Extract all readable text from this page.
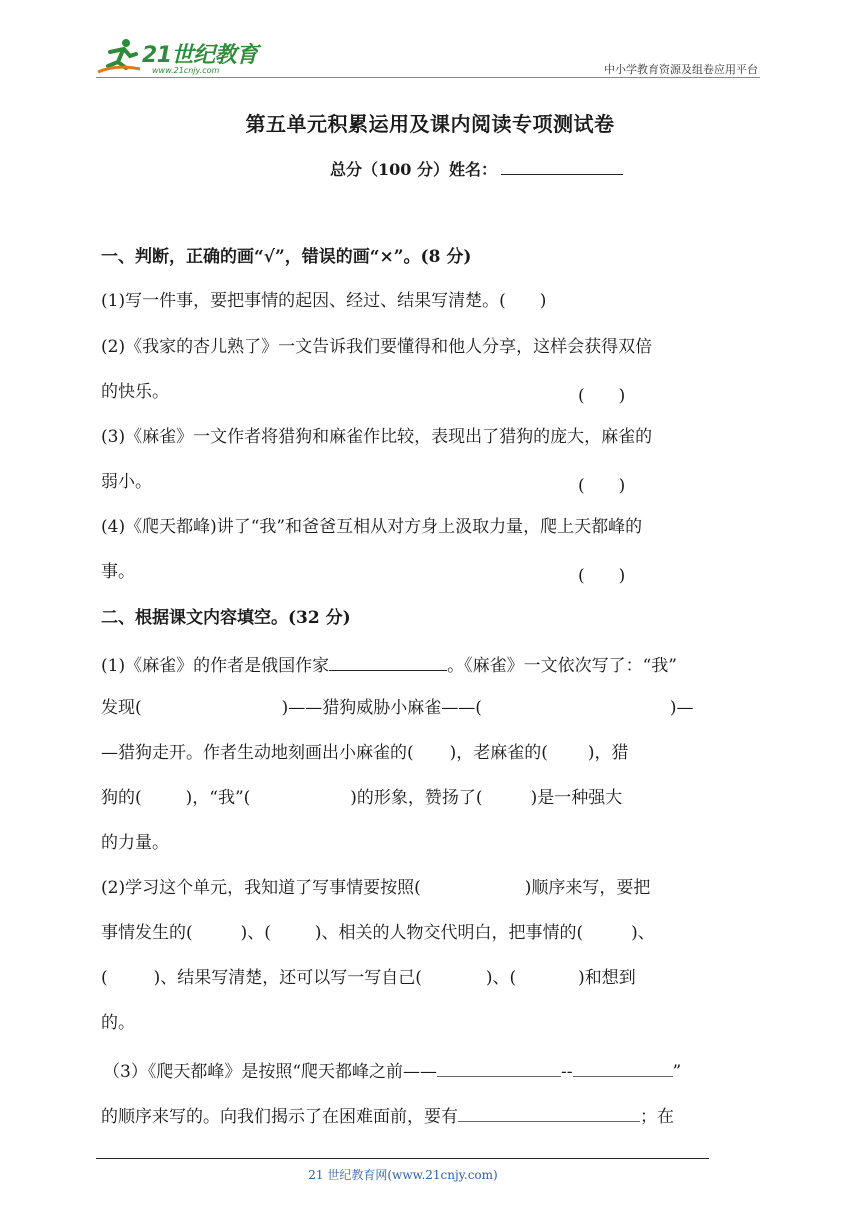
21世纪教育
www.21cnjy.com	中小学教育资源及组卷应用平台
第五单元积累运用及课内阅读专项测试卷
总分（100 分）姓名：
一、判断，正确的画“√”，错误的画“×”。(8 分)
(1)写一件事，要把事情的起因、经过、结果写清楚。(　　)
(2)《我家的杏儿熟了》一文告诉我们要懂得和他人分享，这样会获得双倍
的快乐。	(　　)
(3)《麻雀》一文作者将猎狗和麻雀作比较，表现出了猎狗的庞大，麻雀的
弱小。	(　　)
(4)《爬天都峰)讲了“我”和爸爸互相从对方身上汲取力量，爬上天都峰的
事。	(　　)
二、根据课文内容填空。(32 分)
(1)《麻雀》的作者是俄国作家	。《麻雀》一文依次写了：“我”
发现(	)——猎狗威胁小麻雀——(	)—
—猎狗走开。作者生动地刻画出小麻雀的( )，老麻雀的( )，猎
狗的(	)，“我”(	)的形象，赞扬了(	)是一种强大
的力量。
(2)学习这个单元，我知道了写事情要按照(	)顺序来写，要把
事情发生的(	)、(	)、相关的人物交代明白，把事情的(	)、
(	)、结果写清楚，还可以写一写自己(	)、(	)和想到
的。
（3）《爬天都峰》是按照“爬天都峰之前——	--	”
的顺序来写的。向我们揭示了在困难面前，要有	；在
21 世纪教育网(www.21cnjy.com)
